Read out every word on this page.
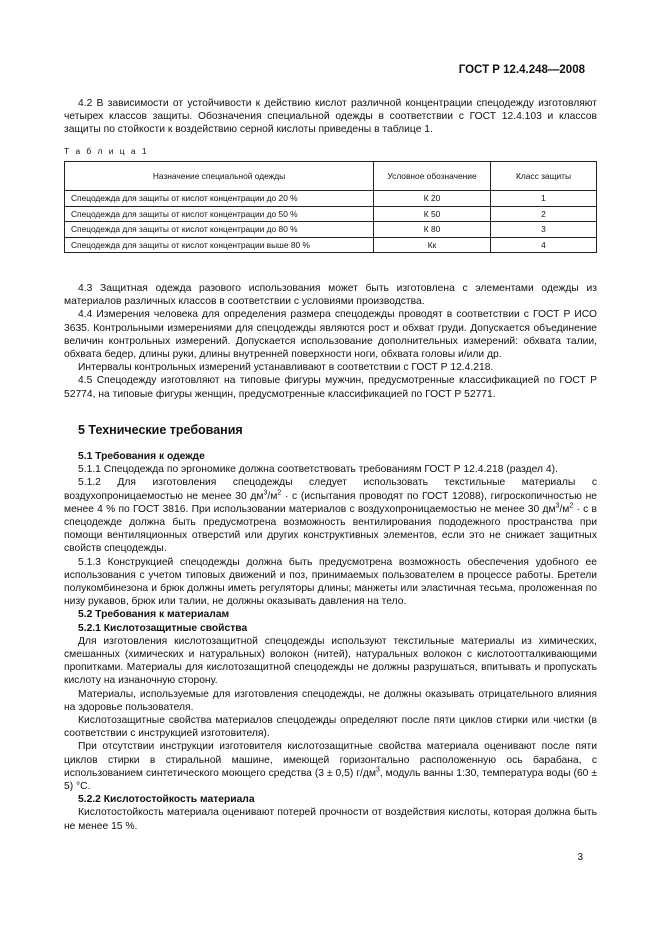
ГОСТ Р 12.4.248—2008

4.2 В зависимости от устойчивости к действию кислот различной концентрации спецодежду изготовляют четырех классов защиты. Обозначения специальной одежды в соответствии с ГОСТ 12.4.103 и классов защиты по стойкости к воздействию серной кислоты приведены в таблице 1.

Т а б л и ц а 1
Назначение специальной одежды	Условное обозначение	Класс защиты
Спецодежда для защиты от кислот концентрации до 20 %	К 20	1
Спецодежда для защиты от кислот концентрации до 50 %	К 50	2
Спецодежда для защиты от кислот концентрации до 80 %	К 80	3
Спецодежда для защиты от кислот концентрации выше 80 %	Кк	4

4.3 Защитная одежда разового использования может быть изготовлена с элементами одежды из материалов различных классов в соответствии с условиями производства.

4.4 Измерения человека для определения размера спецодежды проводят в соответствии с ГОСТ Р ИСО 3635. Контрольными измерениями для спецодежды являются рост и обхват груди. Допускается объединение величин контрольных измерений. Допускается использование дополнительных измерений: обхвата талии, обхвата бедер, длины руки, длины внутренней поверхности ноги, обхвата головы и/или др.

Интервалы контрольных измерений устанавливают в соответствии с ГОСТ Р 12.4.218.

4.5 Спецодежду изготовляют на типовые фигуры мужчин, предусмотренные классификацией по ГОСТ Р 52774, на типовые фигуры женщин, предусмотренные классификацией по ГОСТ Р 52771.

5 Технические требования

5.1 Требования к одежде

5.1.1 Спецодежда по эргономике должна соответствовать требованиям ГОСТ Р 12.4.218 (раздел 4).

5.1.2 Для изготовления спецодежды следует использовать текстильные материалы с воздухопроницаемостью не менее 30 $дм^3/м^2 \cdot с$ (испытания проводят по ГОСТ 12088), гигроскопичностью не менее 4 % по ГОСТ 3816. При использовании материалов с воздухопроницаемостью не менее 30 $дм^3/м^2 \cdot с$ в спецодежде должна быть предусмотрена возможность вентилирования пододежного пространства при помощи вентиляционных отверстий или других конструктивных элементов, если это не снижает защитных свойств спецодежды.

5.1.3 Конструкцией спецодежды должна быть предусмотрена возможность обеспечения удобного ее использования с учетом типовых движений и поз, принимаемых пользователем в процессе работы. Бретели полукомбинезона и брюк должны иметь регуляторы длины; манжеты или эластичная тесьма, проложенная по низу рукавов, брюк или талии, не должны оказывать давления на тело.

5.2 Требования к материалам

5.2.1 Кислотозащитные свойства

Для изготовления кислотозащитной спецодежды используют текстильные материалы из химических, смешанных (химических и натуральных) волокон (нитей), натуральных волокон с кислотоотталкивающими пропитками. Материалы для кислотозащитной спецодежды не должны разрушаться, впитывать и пропускать кислоту на изнаночную сторону.

Материалы, используемые для изготовления спецодежды, не должны оказывать отрицательного влияния на здоровье пользователя.

Кислотозащитные свойства материалов спецодежды определяют после пяти циклов стирки или чистки (в соответствии с инструкцией изготовителя).

При отсутствии инструкции изготовителя кислотозащитные свойства материала оценивают после пяти циклов стирки в стиральной машине, имеющей горизонтально расположенную ось барабана, с использованием синтетического моющего средства (3 ± 0,5) $г/дм^3$, модуль ванны 1:30, температура воды (60 ± 5) °С.

5.2.2 Кислотостойкость материала

Кислотостойкость материала оценивают потерей прочности от воздействия кислоты, которая должна быть не менее 15 %.

3
